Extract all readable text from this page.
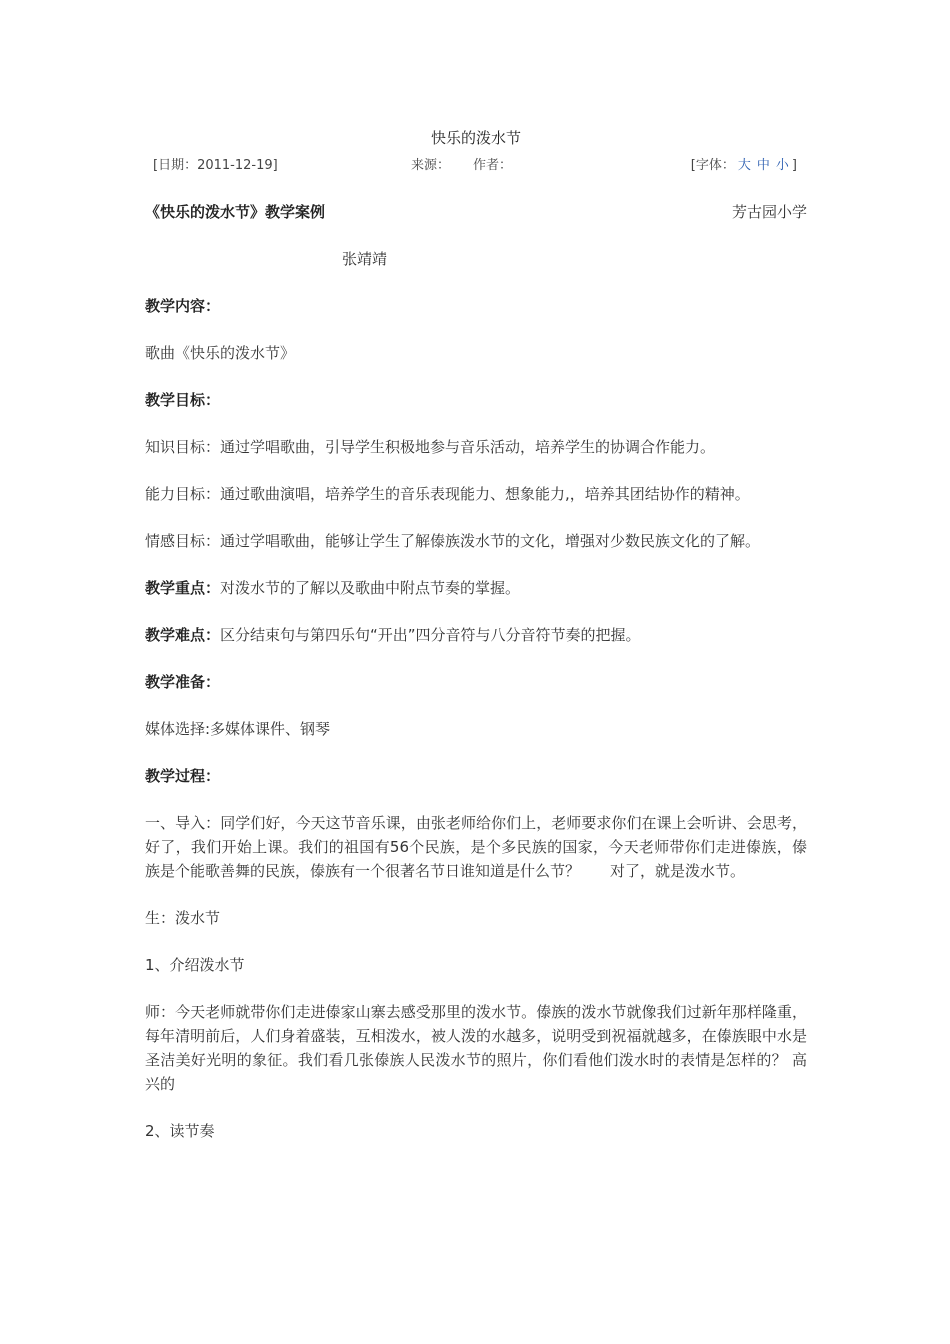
快乐的泼水节
[日期：2011-12-19]	来源： 作者：	[字体： 大 中 小 ]
《快乐的泼水节》教学案例	芳古园小学

张靖靖

教学内容：

歌曲《快乐的泼水节》

教学目标：

知识目标：通过学唱歌曲，引导学生积极地参与音乐活动，培养学生的协调合作能力。

能力目标：通过歌曲演唱，培养学生的音乐表现能力、想象能力,，培养其团结协作的精神。

情感目标：通过学唱歌曲，能够让学生了解傣族泼水节的文化，增强对少数民族文化的了解。

教学重点：对泼水节的了解以及歌曲中附点节奏的掌握。

教学难点：区分结束句与第四乐句“开出”四分音符与八分音符节奏的把握。

教学准备：

媒体选择:多媒体课件、钢琴

教学过程：

一、导入：同学们好，今天这节音乐课，由张老师给你们上，老师要求你们在课上会听讲、会思考，好了，我们开始上课。我们的祖国有56个民族，是个多民族的国家，今天老师带你们走进傣族，傣族是个能歌善舞的民族，傣族有一个很著名节日谁知道是什么节？　　对了，就是泼水节。

生：泼水节

1、介绍泼水节

师：今天老师就带你们走进傣家山寨去感受那里的泼水节。傣族的泼水节就像我们过新年那样隆重，每年清明前后，人们身着盛装，互相泼水，被人泼的水越多，说明受到祝福就越多，在傣族眼中水是圣洁美好光明的象征。我们看几张傣族人民泼水节的照片，你们看他们泼水时的表情是怎样的？ 高兴的

2、读节奏
